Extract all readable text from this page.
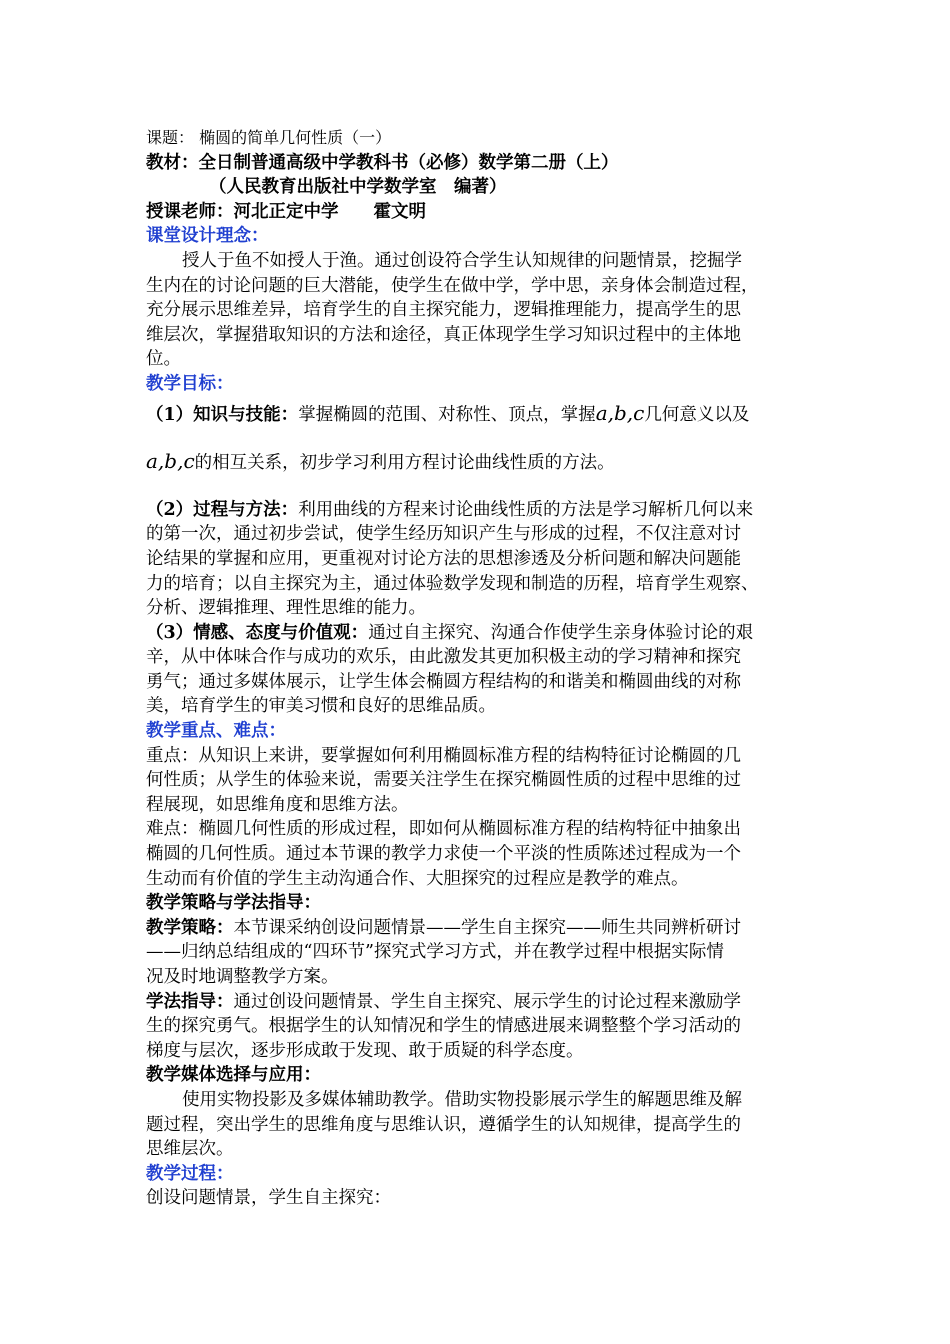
课题： 椭圆的简单几何性质（一）
教材：全日制普通高级中学教科书（必修）数学第二册（上）
（人民教育出版社中学数学室　编著）
授课老师：河北正定中学　　霍文明
课堂设计理念：
授人于鱼不如授人于渔。通过创设符合学生认知规律的问题情景，挖掘学
生内在的讨论问题的巨大潜能，使学生在做中学，学中思，亲身体会制造过程，
充分展示思维差异，培育学生的自主探究能力，逻辑推理能力，提高学生的思
维层次，掌握猎取知识的方法和途径，真正体现学生学习知识过程中的主体地
位。
教学目标：
（1）知识与技能：掌握椭圆的范围、对称性、顶点，掌握a,b,c几何意义以及
a,b,c的相互关系，初步学习利用方程讨论曲线性质的方法。
（2）过程与方法：利用曲线的方程来讨论曲线性质的方法是学习解析几何以来
的第一次，通过初步尝试，使学生经历知识产生与形成的过程，不仅注意对讨
论结果的掌握和应用，更重视对讨论方法的思想渗透及分析问题和解决问题能
力的培育；以自主探究为主，通过体验数学发现和制造的历程，培育学生观察、
分析、逻辑推理、理性思维的能力。
（3）情感、态度与价值观：通过自主探究、沟通合作使学生亲身体验讨论的艰
辛，从中体味合作与成功的欢乐，由此激发其更加积极主动的学习精神和探究
勇气；通过多媒体展示，让学生体会椭圆方程结构的和谐美和椭圆曲线的对称
美，培育学生的审美习惯和良好的思维品质。
教学重点、难点：
重点：从知识上来讲，要掌握如何利用椭圆标准方程的结构特征讨论椭圆的几
何性质；从学生的体验来说，需要关注学生在探究椭圆性质的过程中思维的过
程展现，如思维角度和思维方法。
难点：椭圆几何性质的形成过程，即如何从椭圆标准方程的结构特征中抽象出
椭圆的几何性质。通过本节课的教学力求使一个平淡的性质陈述过程成为一个
生动而有价值的学生主动沟通合作、大胆探究的过程应是教学的难点。
教学策略与学法指导：
教学策略：本节课采纳创设问题情景——学生自主探究——师生共同辨析研讨
——归纳总结组成的“四环节”探究式学习方式，并在教学过程中根据实际情
况及时地调整教学方案。
学法指导：通过创设问题情景、学生自主探究、展示学生的讨论过程来激励学
生的探究勇气。根据学生的认知情况和学生的情感进展来调整整个学习活动的
梯度与层次，逐步形成敢于发现、敢于质疑的科学态度。
教学媒体选择与应用：
使用实物投影及多媒体辅助教学。借助实物投影展示学生的解题思维及解
题过程，突出学生的思维角度与思维认识，遵循学生的认知规律，提高学生的
思维层次。
教学过程：
创设问题情景，学生自主探究：
